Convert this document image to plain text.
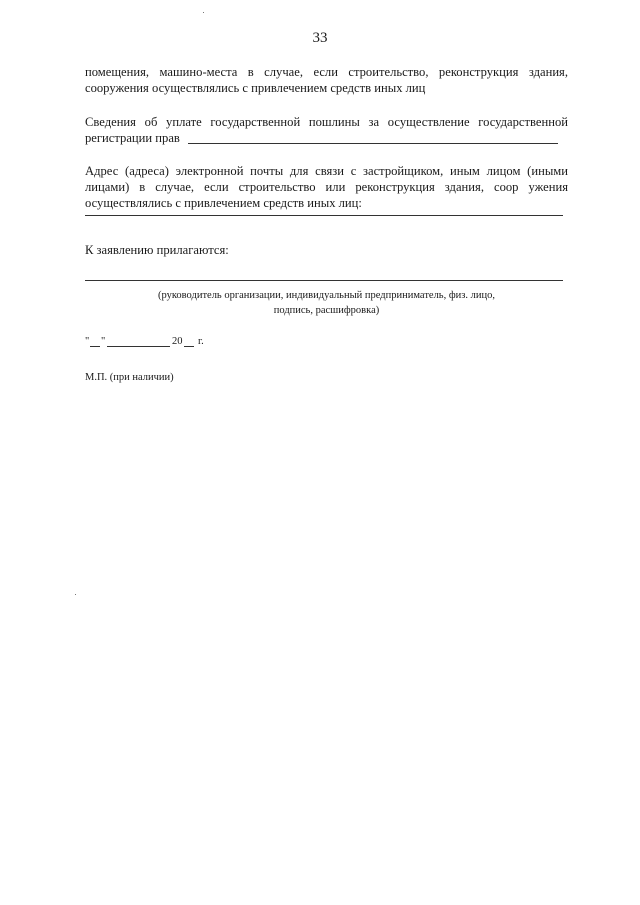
33
помещения, машино-места в случае, если строительство, реконструкция здания,
сооружения осуществлялись с привлечением средств иных лиц
Сведения об уплате государственной пошлины за осуществление государственной
регистрации прав
Адрес (адреса) электронной почты для связи с застройщиком, иным лицом (иными
лицами) в случае, если строительство или реконструкция здания, соор ужения
осуществлялись с привлечением средств иных лиц:
К заявлению прилагаются:
(руководитель организации, индивидуальный предприниматель, физ. лицо,
подпись, расшифровка)
" "	20 г.
М.П. (при наличии)
